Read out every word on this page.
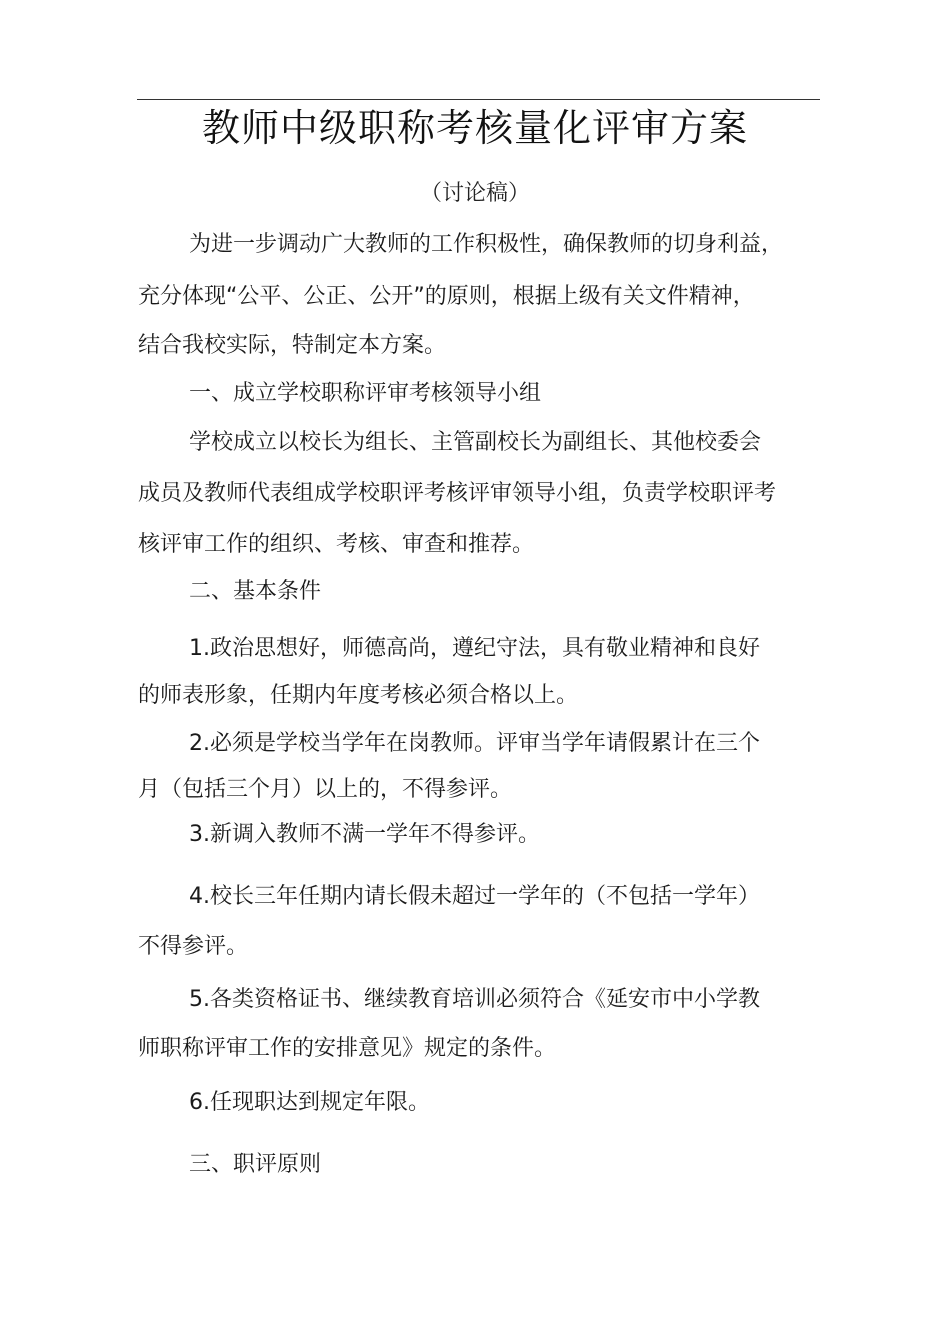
教师中级职称考核量化评审方案
（讨论稿）
为进一步调动广大教师的工作积极性，确保教师的切身利益，
充分体现“公平、公正、公开”的原则，根据上级有关文件精神，
结合我校实际，特制定本方案。
一、成立学校职称评审考核领导小组
学校成立以校长为组长、主管副校长为副组长、其他校委会
成员及教师代表组成学校职评考核评审领导小组，负责学校职评考
核评审工作的组织、考核、审查和推荐。
二、基本条件
1.政治思想好，师德高尚，遵纪守法，具有敬业精神和良好
的师表形象，任期内年度考核必须合格以上。
2.必须是学校当学年在岗教师。评审当学年请假累计在三个
月（包括三个月）以上的，不得参评。
3.新调入教师不满一学年不得参评。
4.校长三年任期内请长假未超过一学年的（不包括一学年）
不得参评。
5.各类资格证书、继续教育培训必须符合《延安市中小学教
师职称评审工作的安排意见》规定的条件。
6.任现职达到规定年限。
三、职评原则
